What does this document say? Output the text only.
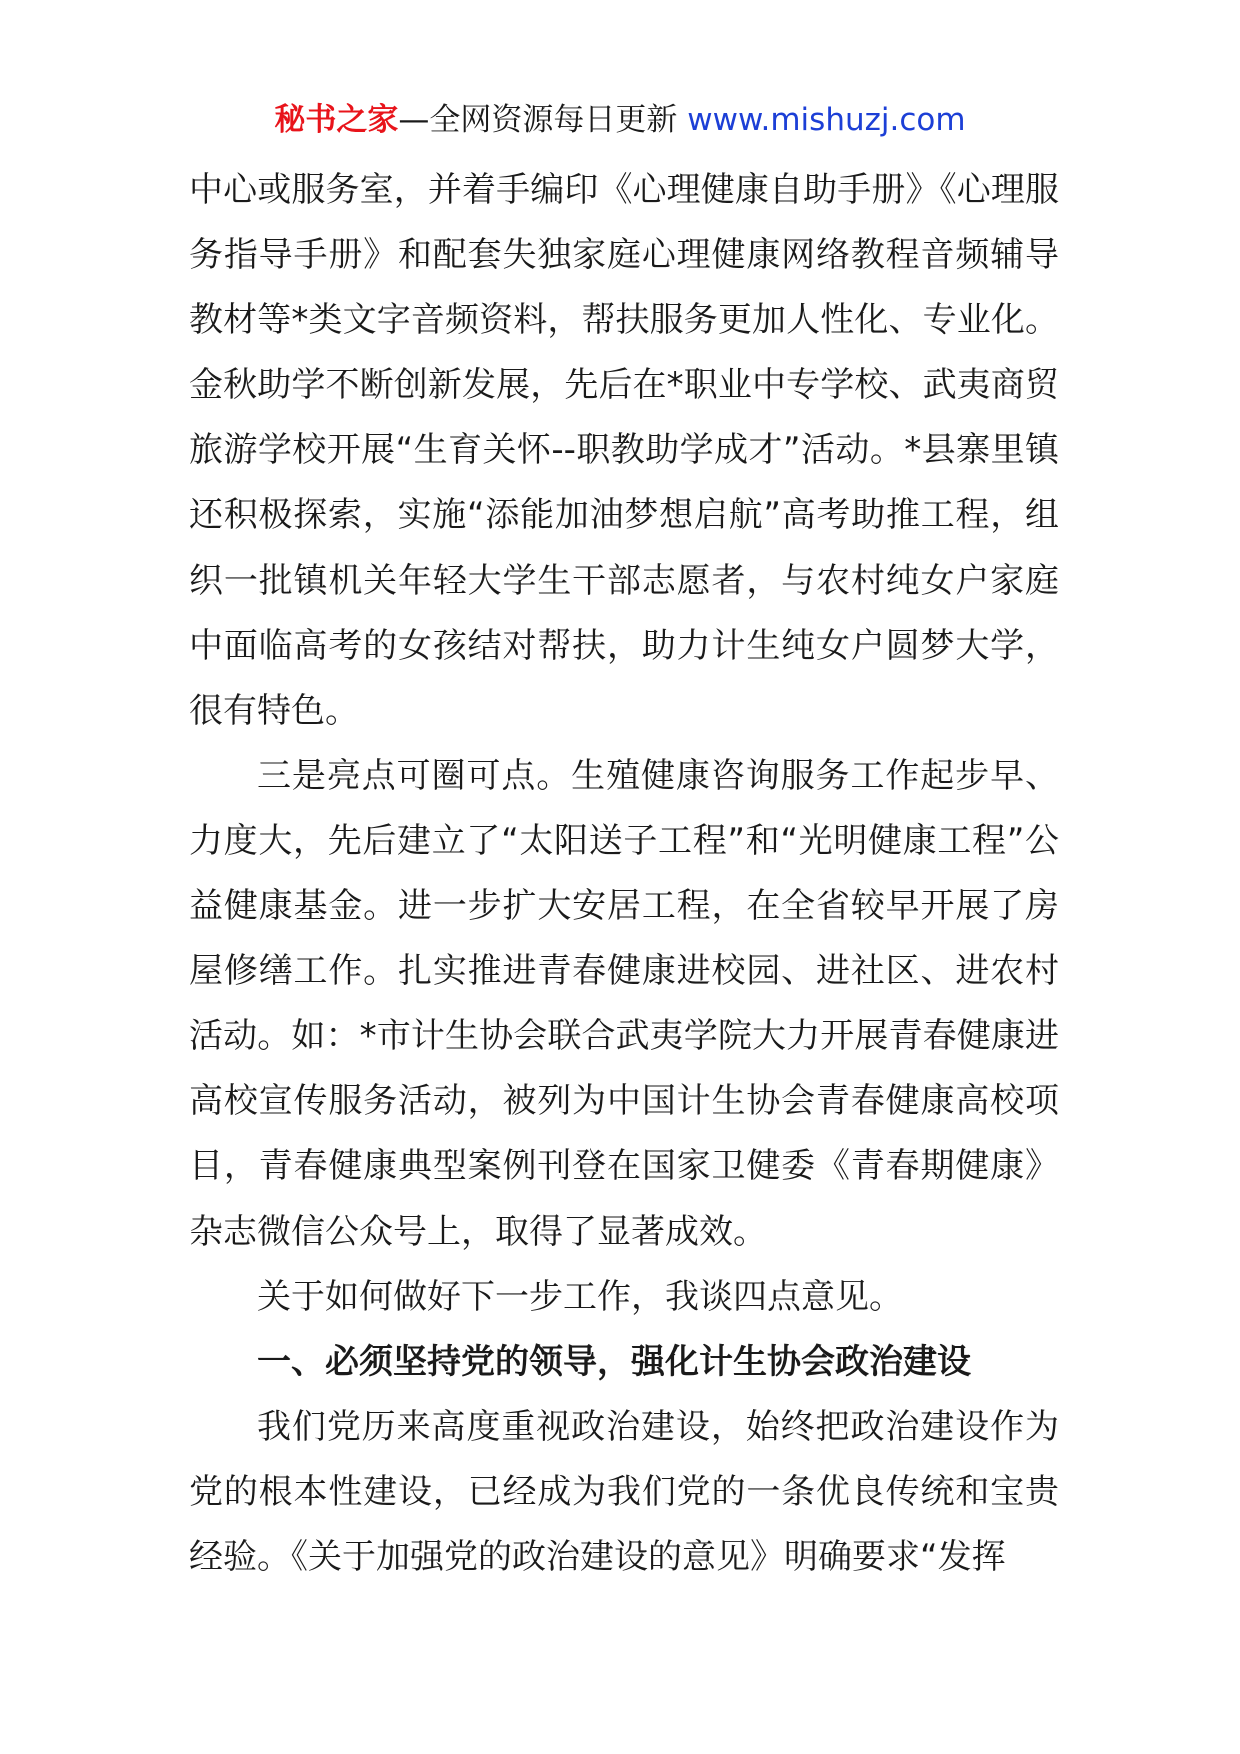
秘书之家—全网资源每日更新 www.mishuzj.com

中心或服务室，并着手编印《心理健康自助手册》《心理服务指导手册》和配套失独家庭心理健康网络教程音频辅导教材等*类文字音频资料，帮扶服务更加人性化、专业化。金秋助学不断创新发展，先后在*职业中专学校、武夷商贸旅游学校开展“生育关怀--职教助学成才”活动。*县寨里镇还积极探索，实施“添能加油梦想启航”高考助推工程，组织一批镇机关年轻大学生干部志愿者，与农村纯女户家庭中面临高考的女孩结对帮扶，助力计生纯女户圆梦大学，很有特色。

三是亮点可圈可点。生殖健康咨询服务工作起步早、力度大，先后建立了“太阳送子工程”和“光明健康工程”公益健康基金。进一步扩大安居工程，在全省较早开展了房屋修缮工作。扎实推进青春健康进校园、进社区、进农村活动。如：*市计生协会联合武夷学院大力开展青春健康进高校宣传服务活动，被列为中国计生协会青春健康高校项目，青春健康典型案例刊登在国家卫健委《青春期健康》杂志微信公众号上，取得了显著成效。

关于如何做好下一步工作，我谈四点意见。

一、必须坚持党的领导，强化计生协会政治建设

我们党历来高度重视政治建设，始终把政治建设作为党的根本性建设，已经成为我们党的一条优良传统和宝贵经验。《关于加强党的政治建设的意见》明确要求“发挥
